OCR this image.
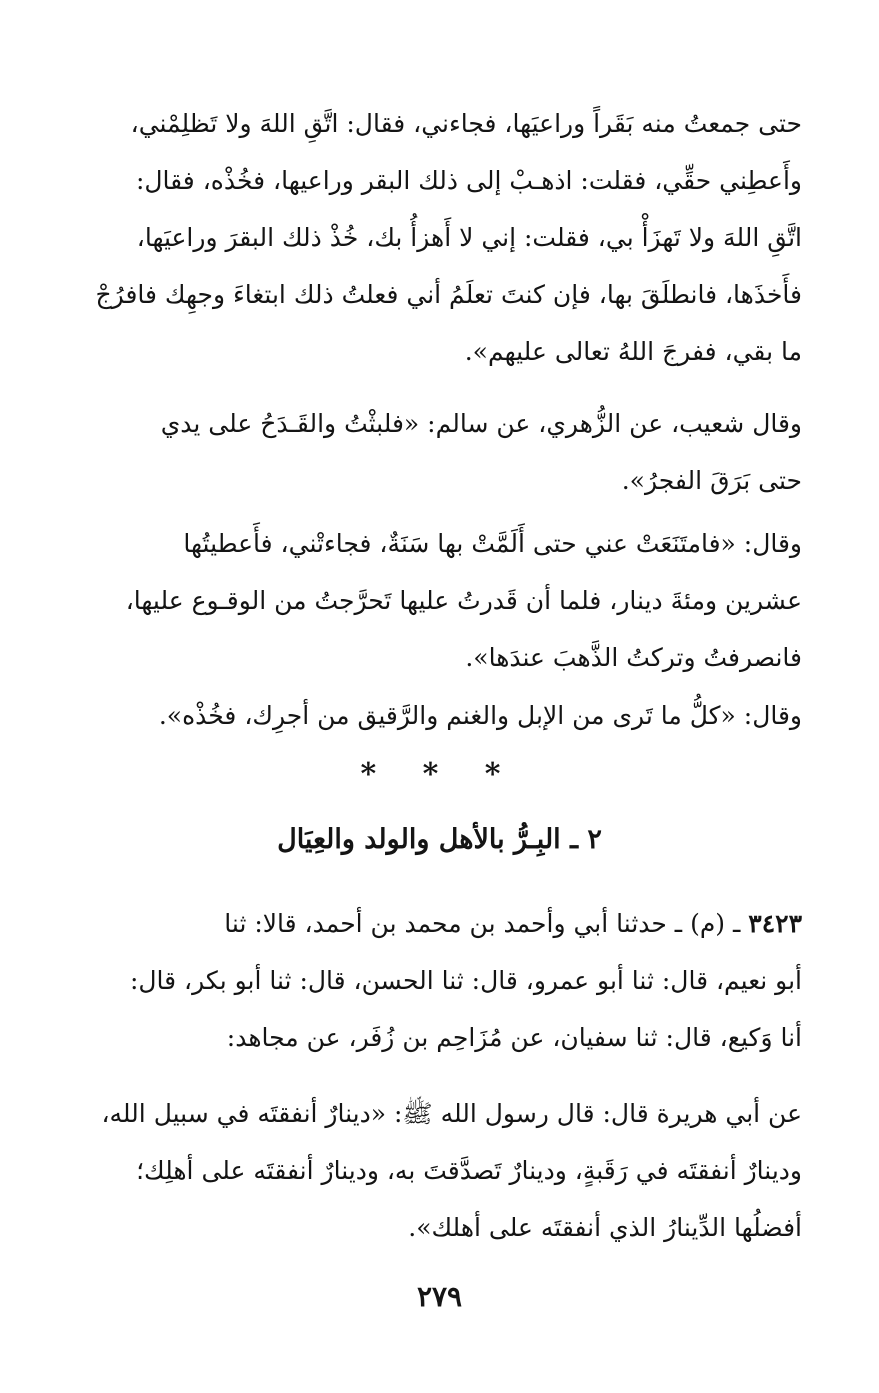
حتى جمعتُ منه بَقَراً وراعيَها، فجاءني، فقال: اتَّقِ اللهَ ولا تَظلِمْني،
وأَعطِني حقِّي، فقلت: اذهـبْ إلى ذلك البقر وراعيها، فخُذْه، فقال:
اتَّقِ اللهَ ولا تَهزَأْ بي، فقلت: إني لا أَهزأُ بك، خُذْ ذلك البقرَ وراعيَها،
فأَخذَها، فانطلَقَ بها، فإن كنتَ تعلَمُ أني فعلتُ ذلك ابتغاءَ وجهِك فافرُجْ
ما بقي، ففرجَ اللهُ تعالى عليهم».
وقال شعيب، عن الزُّهري، عن سالم: «فلبثْتُ والقَـدَحُ على يدي
حتى بَرَقَ الفجرُ».
وقال: «فامتَنَعَتْ عني حتى أَلَمَّتْ بها سَنَةٌ، فجاءتْني، فأَعطيتُها
عشرين ومئةَ دينار، فلما أن قَدرتُ عليها تَحرَّجتُ من الوقـوع عليها،
فانصرفتُ وتركتُ الذَّهبَ عندَها».
وقال: «كلُّ ما تَرى من الإبل والغنم والرَّقيق من أجرِك، فخُذْه».
* * *
٢ ـ البِـرُّ بالأهل والولد والعِيَال
٣٤٢٣ ـ (م) ـ حدثنا أبي وأحمد بن محمد بن أحمد، قالا: ثنا
أبو نعيم، قال: ثنا أبو عمرو، قال: ثنا الحسن، قال: ثنا أبو بكر، قال:
أنا وَكيع، قال: ثنا سفيان، عن مُزَاحِم بن زُفَر، عن مجاهد:
عن أبي هريرة قال: قال رسول الله ﷺ: «دينارٌ أنفقتَه في سبيل الله،
ودينارٌ أنفقتَه في رَقَبةٍ، ودينارٌ تَصدَّقتَ به، ودينارٌ أنفقتَه على أهلِك؛
أفضلُها الدِّينارُ الذي أنفقتَه على أهلك».
٢٧٩
